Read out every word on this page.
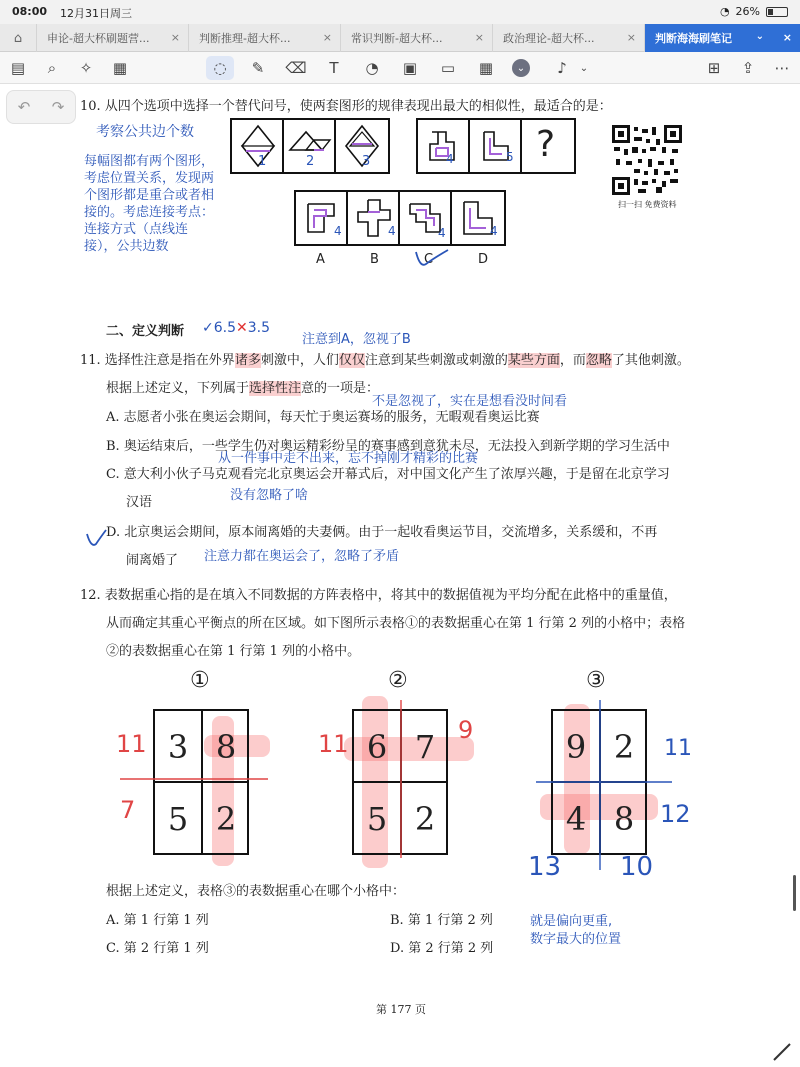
08:00 12月31日周三	◔ 26%
⌂	申论-超大杯刷题营... × 判断推理-超大杯...	× 常识判断-超大杯...	× 政治理论-超大杯...	× 判断海海刷笔记 ⌄ ×
▤	⌕	✧	▦	◌	✎	⌫	T	◔	▣	▭	▦	⌄	♪	⌄	⊞	⇪	⋯
↶ ↷ 10. 从四个选项中选择一个替代问号，使两套图形的规律表现出最大的相似性，最适合的是：
考察公共边个数
每幅图都有两个图形，
考虑位置关系，发现两
个图形都是重合或者相
接的。考虑连接考点：
连接方式（点线连
接），公共边数
1	2	3	4	5 ?
扫一扫 免费资料
4	4	4	4
A	B	C	D
二、定义判断 ✓6.5✕3.5
注意到A，忽视了B
11. 选择性注意是指在外界诸多刺激中，人们仅仅注意到某些刺激或刺激的某些方面，而忽略了其他刺激。
根据上述定义，下列属于选择性注意的一项是：
不是忽视了，实在是想看没时间看
A. 志愿者小张在奥运会期间，每天忙于奥运赛场的服务，无暇观看奥运比赛
B. 奥运结束后，一些学生仍对奥运精彩纷呈的赛事感到意犹未尽，无法投入到新学期的学习生活中
从一件事中走不出来，忘不掉刚才精彩的比赛
C. 意大利小伙子马克观看完北京奥运会开幕式后，对中国文化产生了浓厚兴趣，于是留在北京学习
汉语	没有忽略了啥
D. 北京奥运会期间，原本闹离婚的夫妻俩。由于一起收看奥运节目，交流增多，关系缓和，不再
闹离婚了 注意力都在奥运会了，忽略了矛盾
12. 表数据重心指的是在填入不同数据的方阵表格中，将其中的数据值视为平均分配在此格中的重量值，
从而确定其重心平衡点的所在区域。如下图所示表格①的表数据重心在第 1 行第 2 列的小格中；表格
②的表数据重心在第 1 行第 1 列的小格中。
①
3 8
5 2
11
7
②
6 7
5 2
11	9
③
9 2
4 8
11
12
13 10
根据上述定义，表格③的表数据重心在哪个小格中：
A. 第 1 行第 1 列	B. 第 1 行第 2 列
C. 第 2 行第 1 列	D. 第 2 行第 2 列
就是偏向更重,
数字最大的位置
第 177 页
